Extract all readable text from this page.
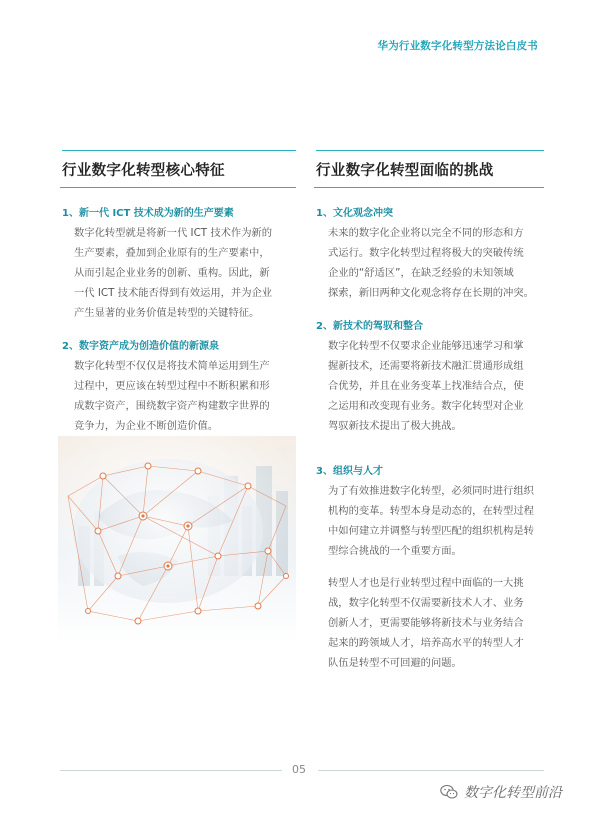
华为行业数字化转型方法论白皮书
行业数字化转型核心特征
1、新一代 ICT 技术成为新的生产要素
数字化转型就是将新一代 ICT 技术作为新的
生产要素，叠加到企业原有的生产要素中，
从而引起企业业务的创新、重构。因此，新
一代 ICT 技术能否得到有效运用，并为企业
产生显著的业务价值是转型的关键特征。
2、数字资产成为创造价值的新源泉
数字化转型不仅仅是将技术简单运用到生产
过程中，更应该在转型过程中不断积累和形
成数字资产，围绕数字资产构建数字世界的
竞争力，为企业不断创造价值。
行业数字化转型面临的挑战
1、文化观念冲突
未来的数字化企业将以完全不同的形态和方
式运行。数字化转型过程将极大的突破传统
企业的“舒适区”，在缺乏经验的未知领域
探索，新旧两种文化观念将存在长期的冲突。
2、新技术的驾驭和整合
数字化转型不仅要求企业能够迅速学习和掌
握新技术，还需要将新技术融汇贯通形成组
合优势，并且在业务变革上找准结合点，使
之运用和改变现有业务。数字化转型对企业
驾驭新技术提出了极大挑战。
3、组织与人才
为了有效推进数字化转型，必须同时进行组织
机构的变革。转型本身是动态的，在转型过程
中如何建立并调整与转型匹配的组织机构是转
型综合挑战的一个重要方面。
转型人才也是行业转型过程中面临的一大挑
战，数字化转型不仅需要新技术人才、业务
创新人才，更需要能够将新技术与业务结合
起来的跨领域人才，培养高水平的转型人才
队伍是转型不可回避的问题。
05
数字化转型前沿
